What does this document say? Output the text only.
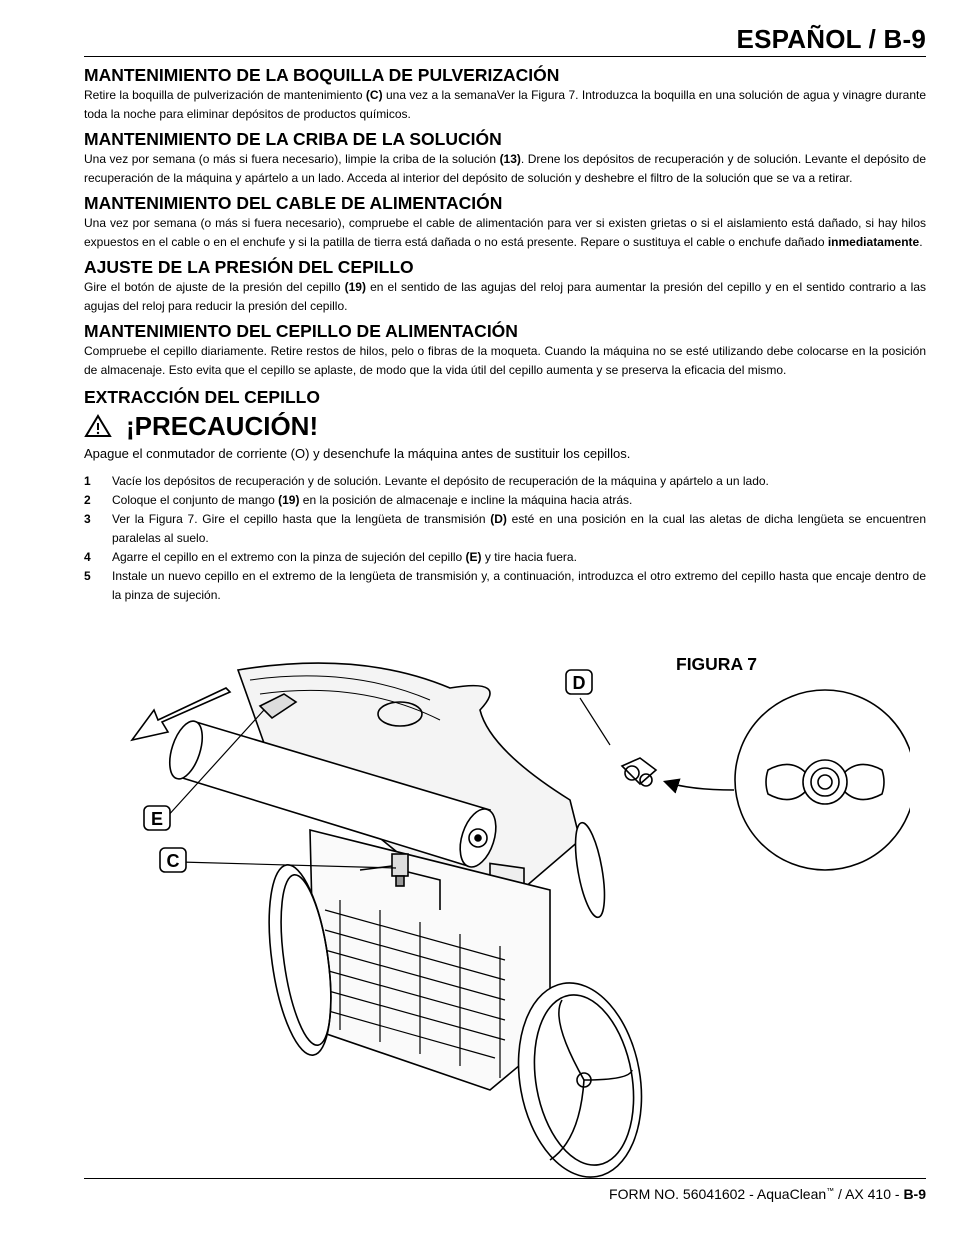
ESPAÑOL / B-9
MANTENIMIENTO DE LA BOQUILLA DE PULVERIZACIÓN

Retire la boquilla de pulverización de mantenimiento (C) una vez a la semanaVer la Figura 7. Introduzca la boquilla en una solución de agua y vinagre durante toda la noche para eliminar depósitos de productos químicos.

MANTENIMIENTO DE LA CRIBA DE LA SOLUCIÓN

Una vez por semana (o más si fuera necesario), limpie la criba de la solución (13). Drene los depósitos de recuperación y de solución. Levante el depósito de recuperación de la máquina y apártelo a un lado. Acceda al interior del depósito de solución y deshebre el filtro de la solución que se va a retirar.

MANTENIMIENTO DEL CABLE DE ALIMENTACIÓN

Una vez por semana (o más si fuera necesario), compruebe el cable de alimentación para ver si existen grietas o si el aislamiento está dañado, si hay hilos expuestos en el cable o en el enchufe y si la patilla de tierra está dañada o no está presente. Repare o sustituya el cable o enchufe dañado inmediatamente.

AJUSTE DE LA PRESIÓN DEL CEPILLO

Gire el botón de ajuste de la presión del cepillo (19) en el sentido de las agujas del reloj para aumentar la presión del cepillo y en el sentido contrario a las agujas del reloj para reducir la presión del cepillo.

MANTENIMIENTO DEL CEPILLO DE ALIMENTACIÓN

Compruebe el cepillo diariamente. Retire restos de hilos, pelo o fibras de la moqueta. Cuando la máquina no se esté utilizando debe colocarse en la posición de almacenaje. Esto evita que el cepillo se aplaste, de modo que la vida útil del cepillo aumenta y se preserva la eficacia del mismo.

EXTRACCIÓN DEL CEPILLO
¡PRECAUCIÓN!

Apague el conmutador de corriente (O) y desenchufe la máquina antes de sustituir los cepillos.

1	Vacíe los depósitos de recuperación y de solución. Levante el depósito de recuperación de la máquina y apártelo a un lado.
2	Coloque el conjunto de mango (19) en la posición de almacenaje e incline la máquina hacia atrás.
3	Ver la Figura 7. Gire el cepillo hasta que la lengüeta de transmisión (D) esté en una posición en la cual las aletas de dicha lengüeta se encuentren paralelas al suelo.
4	Agarre el cepillo en el extremo con la pinza de sujeción del cepillo (E) y tire hacia fuera.
5	Instale un nuevo cepillo en el extremo de la lengüeta de transmisión y, a continuación, introduzca el otro extremo del cepillo hasta que encaje dentro de la pinza de sujeción.
FIGURA 7
D
E
C
FORM NO. 56041602 - AquaClean™ / AX 410 - B-9
